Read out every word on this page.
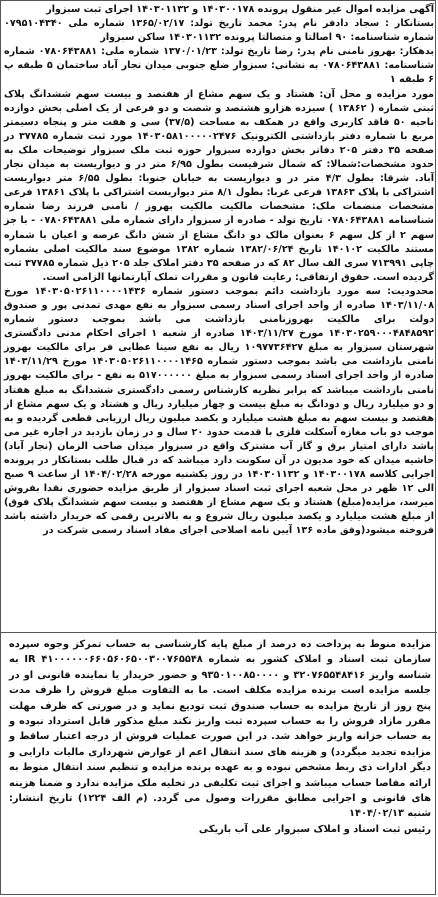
آگهی مزایده اموال غیر منقول پرونده ۱۴۰۳۰۰۱۷۸ و ۱۴۰۳۰۱۱۳۲ اجرای ثبت سبزوار

بستانکار : سجاد دادفر نام پدر: محمد تاریخ تولد: ۱۳۶۵/۰۲/۱۷ شماره ملی ۰۷۹۵۱۰۴۳۴۰ شماره شناسنامه: ۹۰ اصالتا و متصالتا پرونده ۱۴۰۳۰۱۱۳۲ ساکن سبزوار

بدهکار: بهروز نامنی نام پدر: رضا تاریخ تولد: ۱۳۷۰/۰۱/۲۳ شماره ملی: ۰۷۸۰۶۴۳۸۸۱ شماره شناسنامه: ۰۷۸۰۶۴۳۸۸۱ به نشانی: سبزوار ضلع جنوبی میدان نجار آباد ساختمان ۵ طبقه پ ۶ طبقه ۱

مورد مزایده و محل آن: هشتاد و یک سهم مشاع از هفتصد و بیست سهم ششدانگ پلاک ثبتی شماره ( ۱۳۸۶۲ ) سیزده هزارو هشتصد و شصت و دو فرعی از یک اصلی بخش دوازده ناحیه ۵۰ فاقد کاربری واقع در همکف به مساحت (۳۷/۵) سی و هفت متر و پنجاه دسیمتر مربع با شماره دفتر بازداشتی الکترونیک ۱۴۰۳۰۵۸۱۰۰۰۰۰۲۴۷۶ مورد ثبت شماره ۳۷۷۸۵ در صفحه ۳۵ دفتر ۲۰۵ دفاتر بخش دوازده سبزوار حوزه ثبت ملک سبزوار توضیحات ملک به حدود مشخصات:شمالا: که شمال شرقیست بطول ۶/۹۵ متر در و دیواریست به میدان نجار آباد. شرقا: بطول ۴/۳ متر در و دیواریست به خیابان جنوبا: بطول ۶/۵۵ متر دیواریست اشتراکی با پلاک ۱۳۸۶۳ فرعی غربا: بطول ۸/۱ متر دیواریست اشتراکی با پلاک ۱۳۸۶۱ فرعی مشخصات منضمات ملک: مشخصات مالکیت مالکیت بهروز / نامنی فرزند رضا شماره شناسنامه ۰۷۸۰۶۴۳۸۸۱ تاریخ تولد - صادره از سبزوار دارای شماره ملی ۰۷۸۰۶۴۳۸۸۱ - با جز سهم ۲ از کل سهم ۶ بعنوان مالک دو دانگ مشاع از شش دانگ عرصه و اعیان با شماره مستند مالکیت ۱۴۰۱۰۲ تاریخ ۱۳۸۲/۰۶/۲۴ شماره ۱۳۸۲ موضوع سند مالکیت اصلی بشماره چاپی ۷۱۳۹۹۱ سری الف سال ۸۲ که در صفحه ۳۵ دفتر املاک جلد ۲۰۵ ذیل شماره ۳۷۷۸۵ ثبت گردیده است. حقوق ارتفاقی: رعایت قانون و مقررات تملک آپارتمانها الزامی است.

محدودیت: سه مورد بازداشت دائم بموجب دستور شماره ۱۴۰۳۰۵۰۲۶۱۱۰۰۰۰۱۴۳۶ مورخ ۱۴۰۳/۱۱/۰۸ صادره از واحد اجرای اسناد رسمی سبزوار به نفع مهدی تمدنی پور و صندوق دولت برای مالکیت بهروزنامنی بازداشت می باشد بموجب دستور شماره ۱۴۰۳۰۲۵۹۰۰۰۴۸۴۸۵۹۲ مورخ ۱۴۰۳/۱۱/۲۷ صادره از شعبه ۱ اجرای احکام مدنی دادگستری شهرستان سبزوار به مبلغ ۱۰۹۷۷۳۶۴۲۷ ریال به نفع سینا عطایی فر برای مالکیت بهروز نامنی بازداشت می باشد بموجب دستور شماره ۱۴۰۳۰۵۰۲۶۱۱۰۰۰۰۱۴۶۵ مورخ ۱۴۰۳/۱۱/۲۹ صادره از واحد اجرای اسناد رسمی سبزوار به مبلغ ۵۱۷۰۰۰۰۰۰ به نفع - برای مالکیت بهروز نامنی بازداشت میباشد که برابر نظریه کارشناس رسمی دادگستری ششدانگ به مبلغ هفتاد و دو میلیارد ریال و دودانگ به مبلغ بیست و چهار میلیارد ریال و هشتاد و یک سهم مشاع از هفتصد و بیست سهم به مبلغ هشت میلیارد و یکصد میلیون ریال ارزیابی قطعی گردیده و به موجب دو باب مغازه آسکلت فلزی با قدمت حدود ۲۰ سال و در زمان بازدید در اجاره غیر می باشد دارای امتیاز برق و گاز آب مشترک واقع در سبزوار میدان صاحب الزمان (نجار آباد) حاشیه میدان که خود مدیون در آن سکونت دارد میباشد که در قبال طلب بستانکار در پرونده اجرایی کلاسه ۱۴۰۳۰۰۱۷۸ و ۱۴۰۳۰۱۱۳۲ در روز یکشنبه مورخه ۱۴۰۴/۰۲/۲۸ از ساعت ۹ صبح الی ۱۲ ظهر در محل شعبه اجرای ثبت اسناد سبزوار از طریق مزایده حضوری نقدا بفروش میرسد، مزایده(مبلغ) هشتاد و یک سهم مشاع از هفتصد و بیست سهم ششدانگ پلاک فوق) از مبلغ هشت میلیارد و یکصد میلیون ریال شروع و به بالاترین رقمی که خریدار داشته باشد فروخته میشود(وفق ماده ۱۳۶ آیین نامه اصلاحی اجرای مفاد اسناد رسمی شرکت در

مزایده منوط به پرداخت ده درصد از مبلغ پایه کارشناسی به حساب تمرکز وجوه سپرده سازمان ثبت اسناد و املاک کشور به شماره ۴۱۰۰۰۰۰۰۶۶۰۵۶۰۶۵۰۰۳۰۰۷۶۵۵۴۸ IR به شناسه واریز ۳۲۰۷۶۵۵۴۸۴۱۶ و ۹۳۵۰۱۰۰۸۵۰۰۰۰ و حضور خریدار یا نماینده قانونی او در جلسه مزایده است برنده مزایده مکلف است. ما به التفاوت مبلغ فروش را ظرف مدت پنج روز از تاریخ مزایده به حساب صندوق ثبت تودیع نماید و در صورتی که ظرف مهلت مقرر مازاد فروش را به حساب سپرده ثبت واریز نکند مبلغ مذکور قابل استرداد نبوده و به حساب خزانه واریز خواهد شد. در این صورت عملیات فروش از درجه اعتبار ساقط و مزایده تجدید میگردد) و هزینه های سند انتقال اعم از عوارض شهرداری مالیات دارایی و دیگر ادارات ذی ربط مشخص نبوده و به عهده برنده مزایده و تنظیم سند انتقال منوط به ارائه مفاصا حساب میباشد و اجرای ثبت تکلیفی در تخلیه ملک مزایده ندارد و ضمنا هزینه های قانونی و اجرایی مطابق مقررات وصول می گردد. (م الف ۱۲۲۴) تاریخ انتشار: شنبه ۱۴۰۴/۰۲/۱۳

رئیس ثبت اسناد و املاک سبزوار علی آب باریکی
